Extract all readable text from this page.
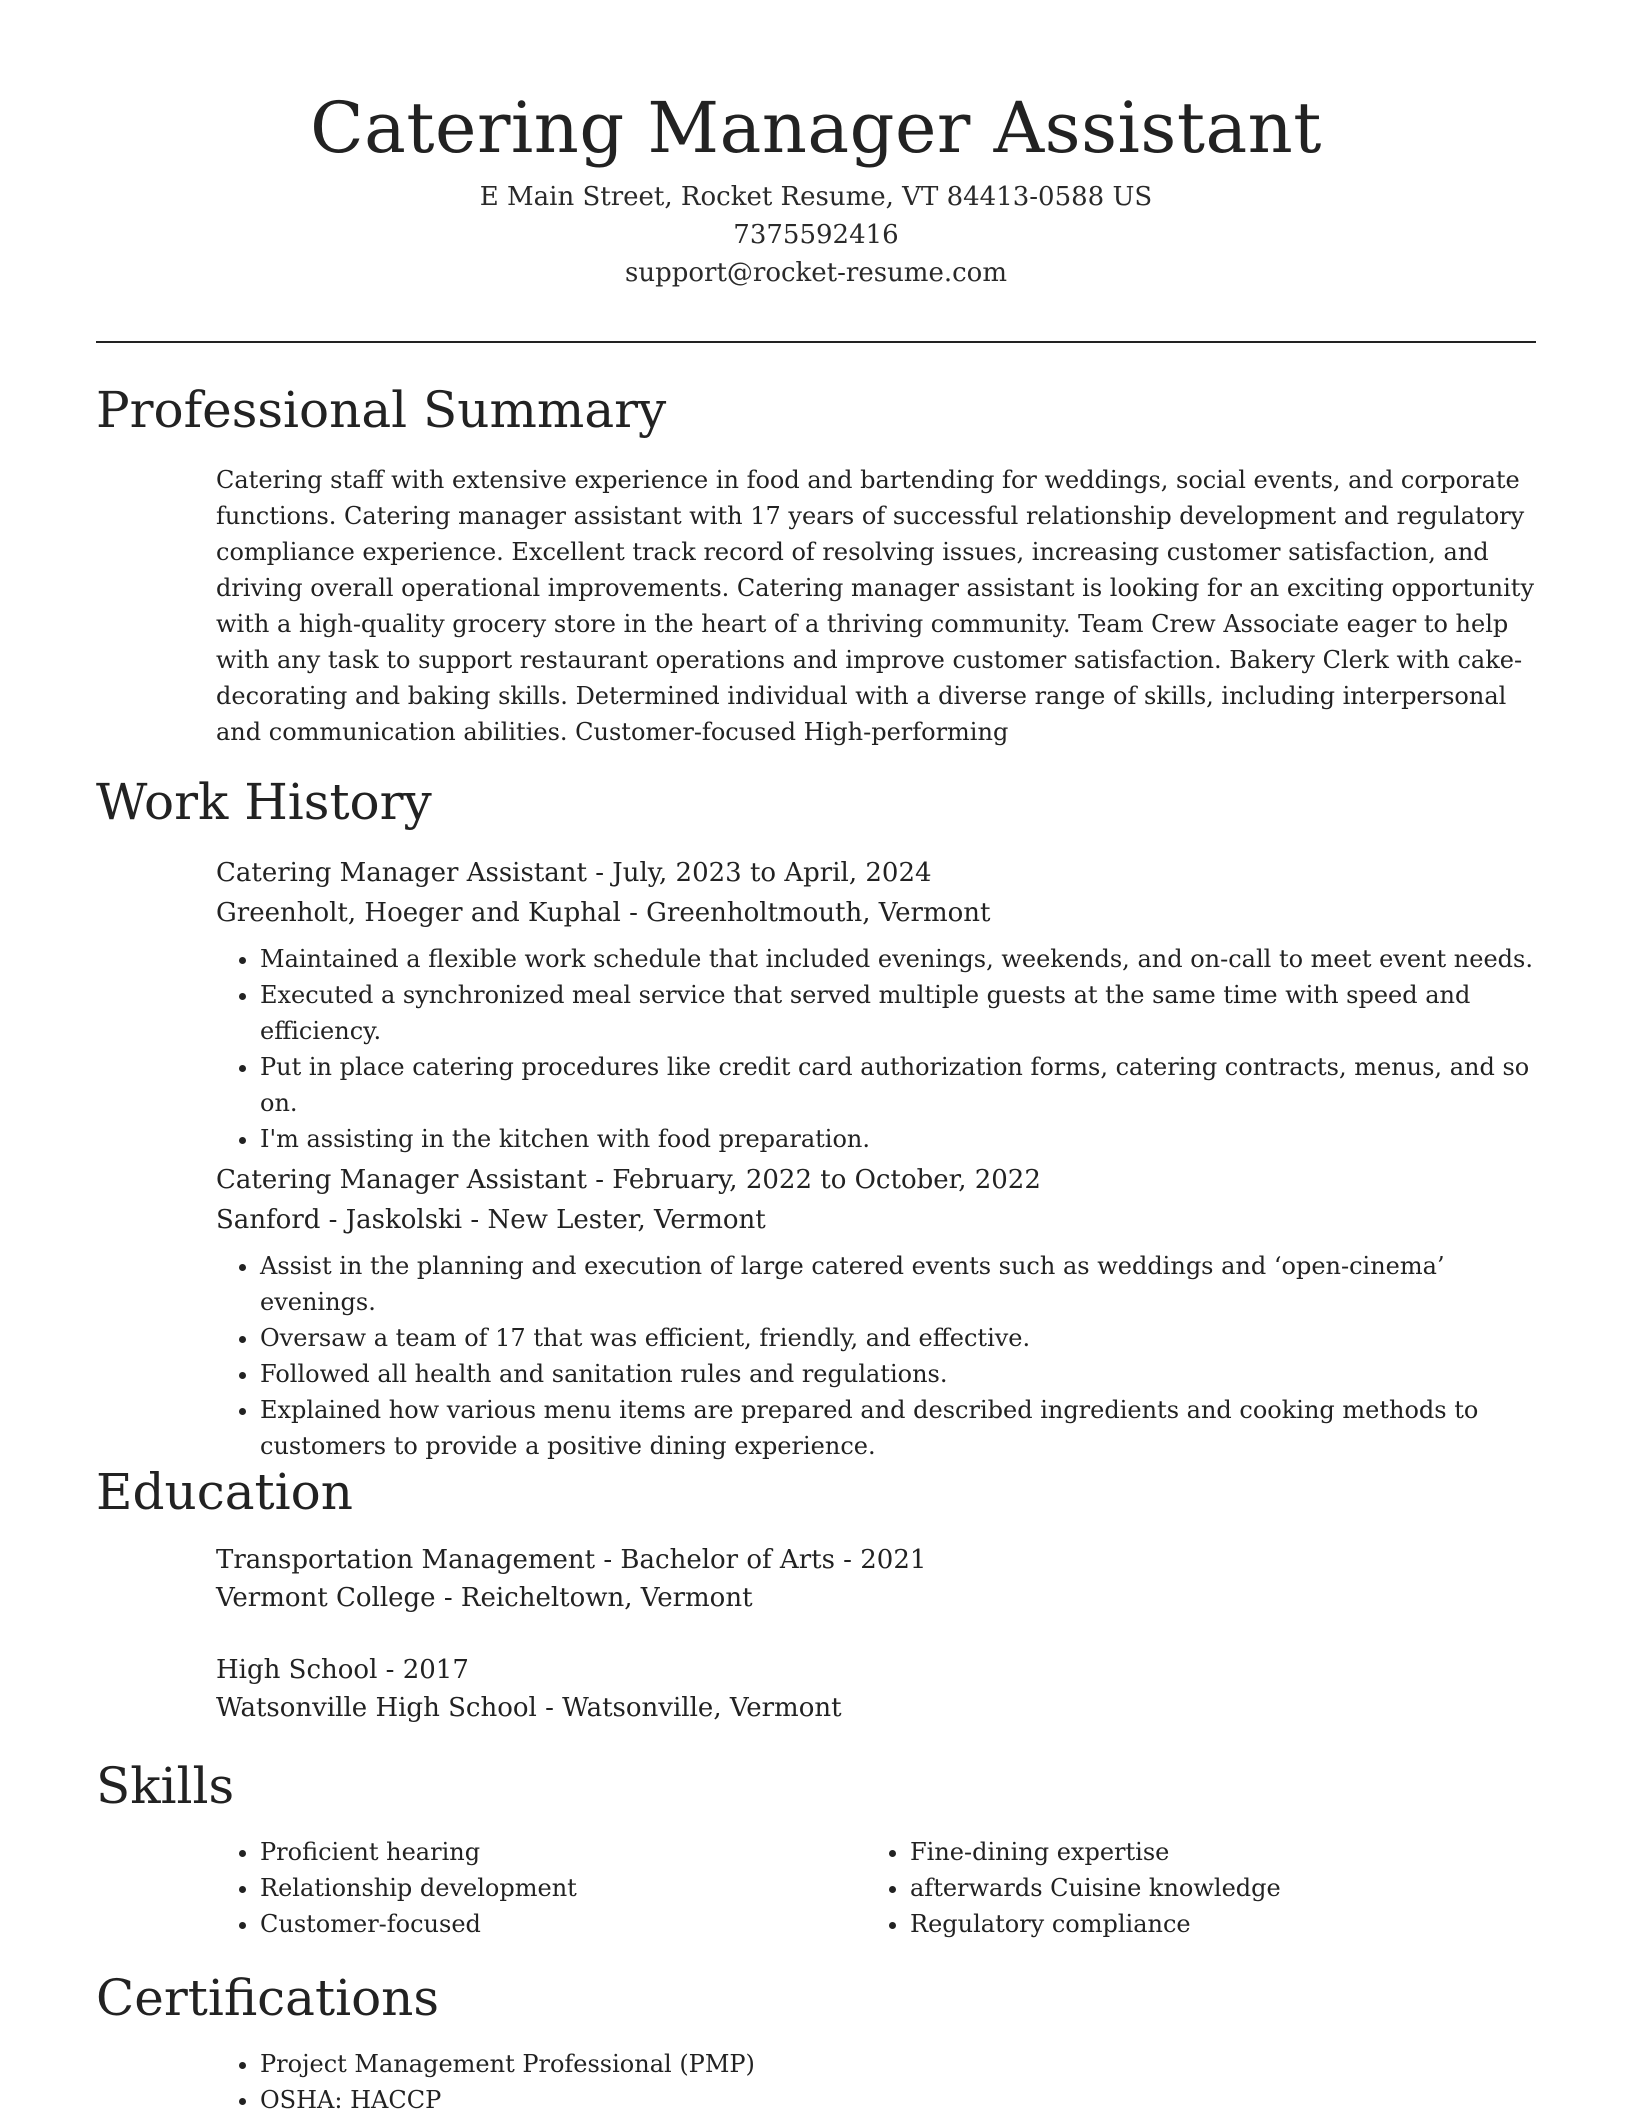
Catering Manager Assistant
E Main Street, Rocket Resume, VT 84413-0588 US
7375592416
support@rocket-resume.com
Professional Summary
Catering staff with extensive experience in food and bartending for weddings, social events, and corporate functions. Catering manager assistant with 17 years of successful relationship development and regulatory compliance experience. Excellent track record of resolving issues, increasing customer satisfaction, and driving overall operational improvements. Catering manager assistant is looking for an exciting opportunity with a high-quality grocery store in the heart of a thriving community. Team Crew Associate eager to help with any task to support restaurant operations and improve customer satisfaction. Bakery Clerk with cake-decorating and baking skills. Determined individual with a diverse range of skills, including interpersonal and communication abilities. Customer-focused High-performing
Work History
Catering Manager Assistant - July, 2023 to April, 2024
Greenholt, Hoeger and Kuphal - Greenholtmouth, Vermont
• Maintained a flexible work schedule that included evenings, weekends, and on-call to meet event needs.
• Executed a synchronized meal service that served multiple guests at the same time with speed and efficiency.
• Put in place catering procedures like credit card authorization forms, catering contracts, menus, and so on.
• I'm assisting in the kitchen with food preparation.
Catering Manager Assistant - February, 2022 to October, 2022
Sanford - Jaskolski - New Lester, Vermont
• Assist in the planning and execution of large catered events such as weddings and ‘open-cinema’ evenings.
• Oversaw a team of 17 that was efficient, friendly, and effective.
• Followed all health and sanitation rules and regulations.
• Explained how various menu items are prepared and described ingredients and cooking methods to customers to provide a positive dining experience.
Education
Transportation Management - Bachelor of Arts - 2021
Vermont College - Reicheltown, Vermont
High School - 2017
Watsonville High School - Watsonville, Vermont
Skills
• Proficient hearing
• Relationship development
• Customer-focused
• Fine-dining expertise
• afterwards Cuisine knowledge
• Regulatory compliance
Certifications
• Project Management Professional (PMP)
• OSHA: HACCP
